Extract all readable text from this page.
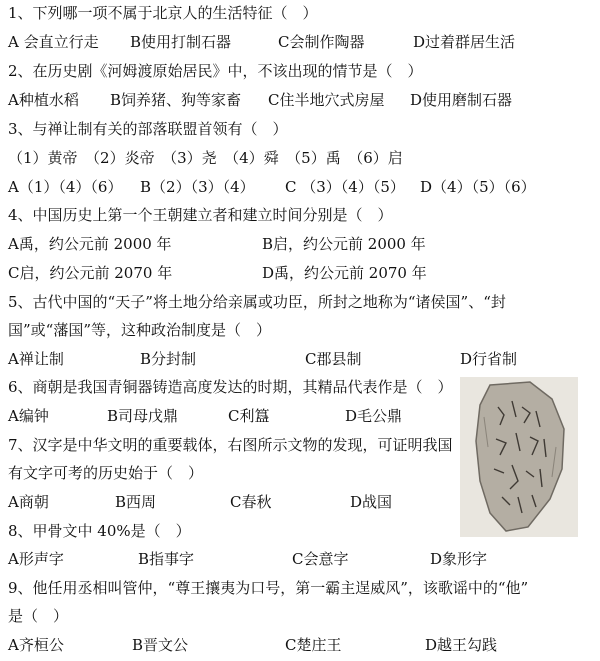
1、下列哪一项不属于北京人的生活特征（　）
A 会直立行走 B使用打制石器	C会制作陶器	D过着群居生活
2、在历史剧《河姆渡原始居民》中，不该出现的情节是（　）
A种植水稻 B饲养猪、狗等家畜 C住半地穴式房屋 D使用磨制石器
3、与禅让制有关的部落联盟首领有（　）
（1）黄帝　（2）炎帝　（3）尧　（4）舜　（5）禹　（6）启
A（1）（4）（6） B（2）（3）（4） C （3）（4）（5） D（4）（5）（6）
4、中国历史上第一个王朝建立者和建立时间分别是（　）
A禹，约公元前 2000 年	B启，约公元前 2000 年
C启，约公元前 2070 年	D禹，约公元前 2070 年
5、古代中国的“天子”将土地分给亲属或功臣，所封之地称为“诸侯国”、“封
国”或“藩国”等，这种政治制度是（　）
A禅让制	B分封制	C郡县制	D行省制
6、商朝是我国青铜器铸造高度发达的时期，其精品代表作是（　）
A编钟	B司母戊鼎	C利簋	D毛公鼎
7、汉字是中华文明的重要载体，右图所示文物的发现，可证明我国
有文字可考的历史始于（　）
A商朝	B西周	C春秋	D战国
8、甲骨文中 40%是（　）
A形声字	B指事字	C会意字	D象形字
9、他任用丞相叫管仲，“尊王攘夷为口号，第一霸主逞威风”，该歌谣中的“他”
是（　）
A齐桓公	B晋文公	C楚庄王	D越王勾践
